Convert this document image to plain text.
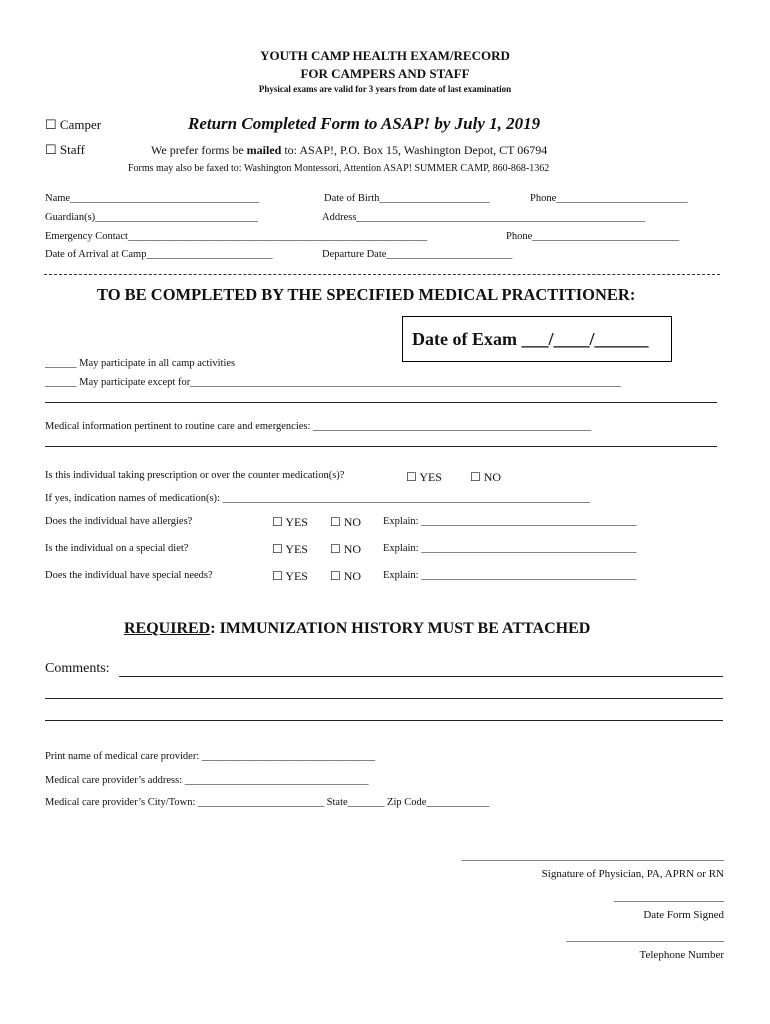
YOUTH CAMP HEALTH EXAM/RECORD
FOR CAMPERS AND STAFF
Physical exams are valid for 3 years from date of last examination
☐ Camper
☐ Staff
Return Completed Form to ASAP! by July 1, 2019
We prefer forms be mailed to: ASAP!, P.O. Box 15, Washington Depot, CT 06794
Forms may also be faxed to: Washington Montessori, Attention ASAP! SUMMER CAMP, 860-868-1362
Name____________________________________	Date of Birth_____________________	Phone_________________________
Guardian(s)_______________________________	Address_______________________________________________________
Emergency Contact_________________________________________________________	Phone____________________________
Date of Arrival at Camp________________________	Departure Date________________________
TO BE COMPLETED BY THE SPECIFIED MEDICAL PRACTITIONER:
Date of Exam ___/____/______
______ May participate in all camp activities
______ May participate except for__________________________________________________________________________________
Medical information pertinent to routine care and emergencies: _____________________________________________________
Is this individual taking prescription or over the counter medication(s)?	☐ YES ☐ NO
If yes, indication names of medication(s): ______________________________________________________________________
Does the individual have allergies?	☐ YES ☐ NO Explain: _________________________________________
Is the individual on a special diet?	☐ YES ☐ NO Explain: _________________________________________
Does the individual have special needs?	☐ YES ☐ NO Explain: _________________________________________
REQUIRED: IMMUNIZATION HISTORY MUST BE ATTACHED
Comments:
Print name of medical care provider: _________________________________
Medical care provider’s address: ___________________________________
Medical care provider’s City/Town: ________________________ State_______ Zip Code____________
__________________________________________________
Signature of Physician, PA, APRN or RN
_____________________
Date Form Signed
______________________________
Telephone Number
